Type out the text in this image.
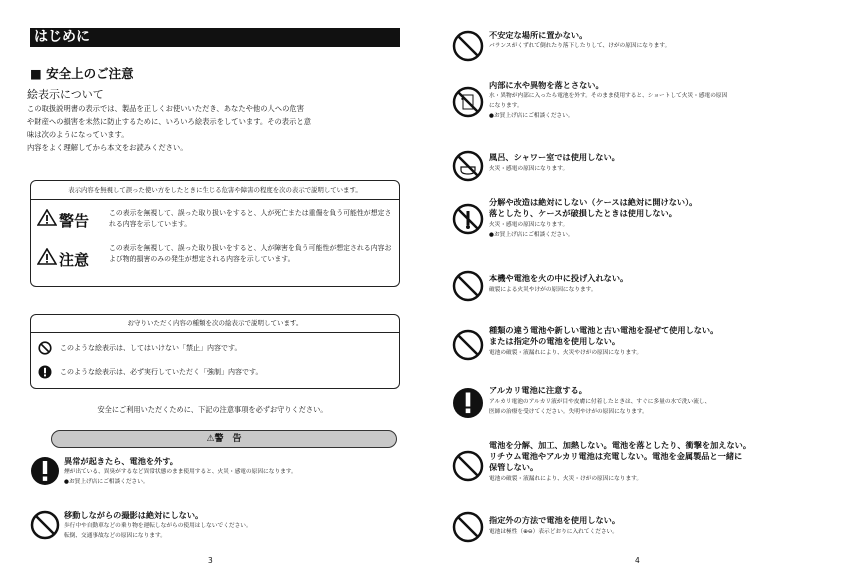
はじめに
■ 安全上のご注意
絵表示について

この取扱説明書の表示では、製品を正しくお使いいただき、あなたや他の人への危害

や財産への損害を未然に防止するために、いろいろ絵表示をしています。その表示と意

味は次のようになっています。

内容をよく理解してから本文をお読みください。

表示内容を無視して誤った使い方をしたときに生じる危害や障害の程度を次の表示で説明しています。
警告	この表示を無視して、誤った取り扱いをすると、人が死亡または重傷を負う可能性が想定される内容を示しています。
注意
この表示を無視して、誤った取り扱いをすると、人が障害を負う可能性が想定される内容および物的損害のみの発生が想定される内容を示しています。
お守りいただく内容の種類を次の絵表示で説明しています。
このような絵表示は、してはいけない「禁止」内容です。
このような絵表示は、必ず実行していただく「強制」内容です。
安全にご利用いただくために、下記の注意事項を必ずお守りください。
⚠警　告
異常が起きたら、電池を外す。
煙が出ている、異臭がするなど異常状態のまま使用すると、火災・感電の原因になります。
●お買上げ店にご相談ください。
移動しながらの撮影は絶対にしない。
歩行中や自動車などの乗り物を運転しながらの使用はしないでください。
転倒、交通事故などの原因になります。
3
不安定な場所に置かない。
バランスがくずれて倒れたり落下したりして、けがの原因になります。
内部に水や異物を落とさない。
水・異物が内部に入ったら電池を外す。そのまま使用すると、ショートして火災・感電の原因
になります。
●お買上げ店にご相談ください。
風呂、シャワー室では使用しない。
火災・感電の原因になります。
分解や改造は絶対にしない（ケースは絶対に開けない）。
落としたり、ケースが破損したときは使用しない。
火災・感電の原因になります。
●お買上げ店にご相談ください。
本機や電池を火の中に投げ入れない。
破裂による火災やけがの原因になります。
種類の違う電池や新しい電池と古い電池を混ぜて使用しない。
または指定外の電池を使用しない。
電池の破裂・液漏れにより、火災やけがの原因になります。
アルカリ電池に注意する。
アルカリ電池のアルカリ液が目や皮膚に付着したときは、すぐに多量の水で洗い流し、
医師の治療を受けてください。失明やけがの原因になります。
電池を分解、加工、加熱しない。電池を落としたり、衝撃を加えない。
リチウム電池やアルカリ電池は充電しない。電池を金属製品と一緒に
保管しない。
電池の破裂・液漏れにより、火災・けがの原因になります。
指定外の方法で電池を使用しない。
電池は極性（⊕⊖）表示どおりに入れてください。
4
